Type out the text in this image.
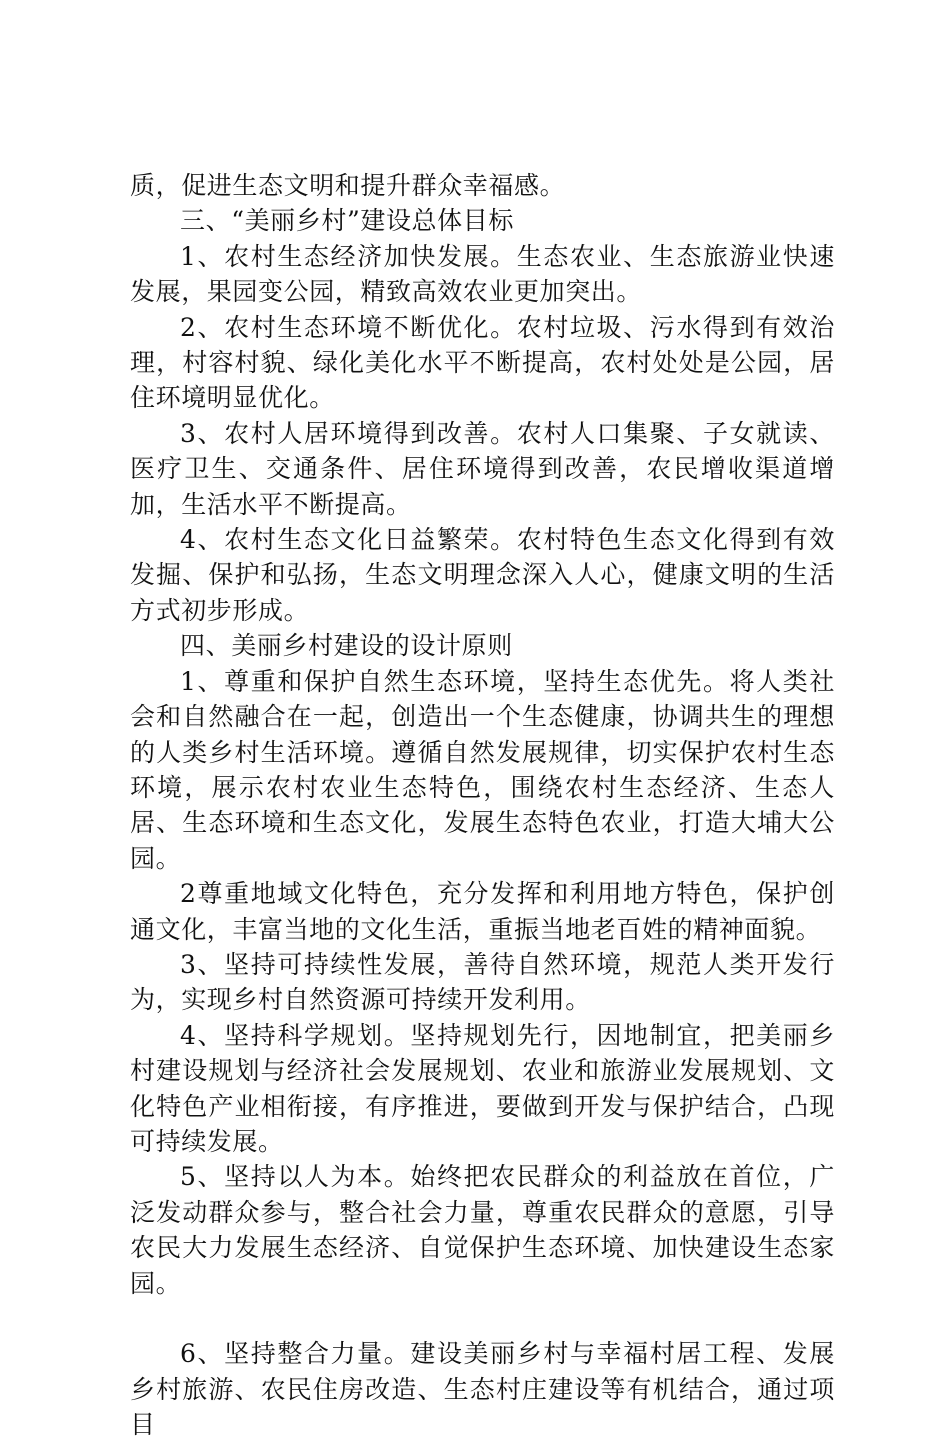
质，促进生态文明和提升群众幸福感。

三、“美丽乡村”建设总体目标

1、农村生态经济加快发展。生态农业、生态旅游业快速发展，果园变公园，精致高效农业更加突出。

2、农村生态环境不断优化。农村垃圾、污水得到有效治理，村容村貌、绿化美化水平不断提高，农村处处是公园，居住环境明显优化。

3、农村人居环境得到改善。农村人口集聚、子女就读、医疗卫生、交通条件、居住环境得到改善，农民增收渠道增加，生活水平不断提高。

4、农村生态文化日益繁荣。农村特色生态文化得到有效发掘、保护和弘扬，生态文明理念深入人心，健康文明的生活方式初步形成。

四、美丽乡村建设的设计原则

1、尊重和保护自然生态环境，坚持生态优先。将人类社会和自然融合在一起，创造出一个生态健康，协调共生的理想的人类乡村生活环境。遵循自然发展规律，切实保护农村生态环境，展示农村农业生态特色，围绕农村生态经济、生态人居、生态环境和生态文化，发展生态特色农业，打造大埔大公园。

2尊重地域文化特色，充分发挥和利用地方特色，保护创通文化，丰富当地的文化生活，重振当地老百姓的精神面貌。

3、坚持可持续性发展，善待自然环境，规范人类开发行为，实现乡村自然资源可持续开发利用。

4、坚持科学规划。坚持规划先行，因地制宜，把美丽乡村建设规划与经济社会发展规划、农业和旅游业发展规划、文化特色产业相衔接，有序推进，要做到开发与保护结合，凸现可持续发展。

5、坚持以人为本。始终把农民群众的利益放在首位，广泛发动群众参与，整合社会力量，尊重农民群众的意愿，引导农民大力发展生态经济、自觉保护生态环境、加快建设生态家园。

6、坚持整合力量。建设美丽乡村与幸福村居工程、发展乡村旅游、农民住房改造、生态村庄建设等有机结合，通过项目
